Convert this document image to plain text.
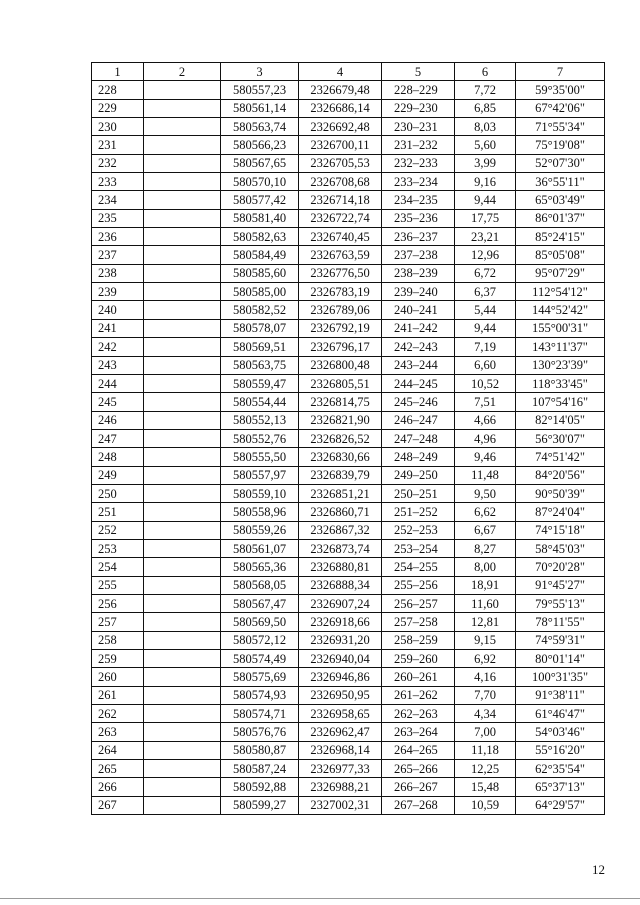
1	2	3	4	5	6	7
228		580557,23	2326679,48	228–229	7,72	59°35'00"
229		580561,14	2326686,14	229–230	6,85	67°42'06"
230		580563,74	2326692,48	230–231	8,03	71°55'34"
231		580566,23	2326700,11	231–232	5,60	75°19'08"
232		580567,65	2326705,53	232–233	3,99	52°07'30"
233		580570,10	2326708,68	233–234	9,16	36°55'11"
234		580577,42	2326714,18	234–235	9,44	65°03'49"
235		580581,40	2326722,74	235–236	17,75	86°01'37"
236		580582,63	2326740,45	236–237	23,21	85°24'15"
237		580584,49	2326763,59	237–238	12,96	85°05'08"
238		580585,60	2326776,50	238–239	6,72	95°07'29"
239		580585,00	2326783,19	239–240	6,37	112°54'12"
240		580582,52	2326789,06	240–241	5,44	144°52'42"
241		580578,07	2326792,19	241–242	9,44	155°00'31"
242		580569,51	2326796,17	242–243	7,19	143°11'37"
243		580563,75	2326800,48	243–244	6,60	130°23'39"
244		580559,47	2326805,51	244–245	10,52	118°33'45"
245		580554,44	2326814,75	245–246	7,51	107°54'16"
246		580552,13	2326821,90	246–247	4,66	82°14'05"
247		580552,76	2326826,52	247–248	4,96	56°30'07"
248		580555,50	2326830,66	248–249	9,46	74°51'42"
249		580557,97	2326839,79	249–250	11,48	84°20'56"
250		580559,10	2326851,21	250–251	9,50	90°50'39"
251		580558,96	2326860,71	251–252	6,62	87°24'04"
252		580559,26	2326867,32	252–253	6,67	74°15'18"
253		580561,07	2326873,74	253–254	8,27	58°45'03"
254		580565,36	2326880,81	254–255	8,00	70°20'28"
255		580568,05	2326888,34	255–256	18,91	91°45'27"
256		580567,47	2326907,24	256–257	11,60	79°55'13"
257		580569,50	2326918,66	257–258	12,81	78°11'55"
258		580572,12	2326931,20	258–259	9,15	74°59'31"
259		580574,49	2326940,04	259–260	6,92	80°01'14"
260		580575,69	2326946,86	260–261	4,16	100°31'35"
261		580574,93	2326950,95	261–262	7,70	91°38'11"
262		580574,71	2326958,65	262–263	4,34	61°46'47"
263		580576,76	2326962,47	263–264	7,00	54°03'46"
264		580580,87	2326968,14	264–265	11,18	55°16'20"
265		580587,24	2326977,33	265–266	12,25	62°35'54"
266		580592,88	2326988,21	266–267	15,48	65°37'13"
267		580599,27	2327002,31	267–268	10,59	64°29'57"
12
